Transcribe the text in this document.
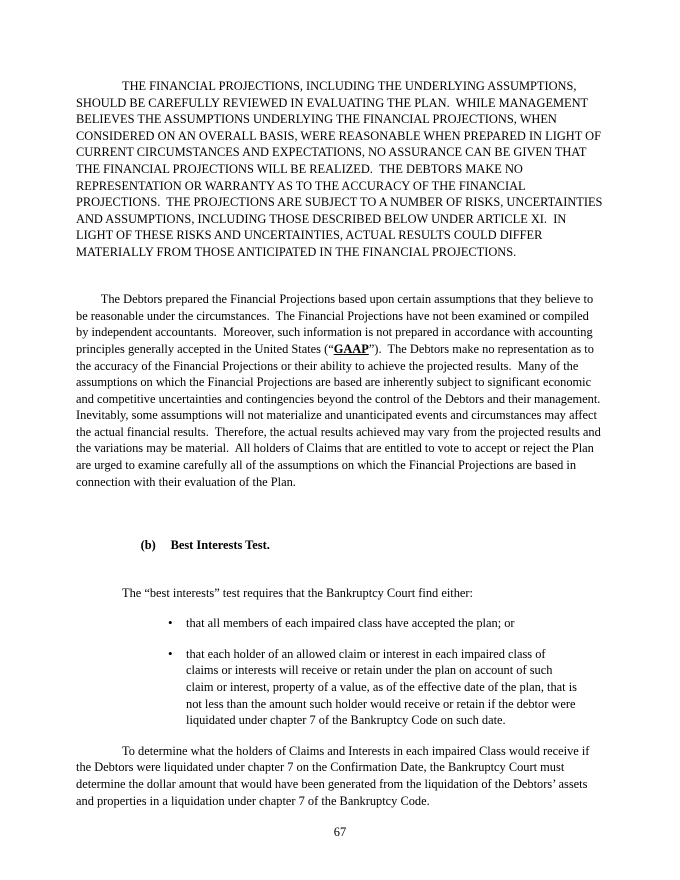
THE FINANCIAL PROJECTIONS, INCLUDING THE UNDERLYING ASSUMPTIONS, SHOULD BE CAREFULLY REVIEWED IN EVALUATING THE PLAN.  WHILE MANAGEMENT BELIEVES THE ASSUMPTIONS UNDERLYING THE FINANCIAL PROJECTIONS, WHEN CONSIDERED ON AN OVERALL BASIS, WERE REASONABLE WHEN PREPARED IN LIGHT OF CURRENT CIRCUMSTANCES AND EXPECTATIONS, NO ASSURANCE CAN BE GIVEN THAT THE FINANCIAL PROJECTIONS WILL BE REALIZED.  THE DEBTORS MAKE NO REPRESENTATION OR WARRANTY AS TO THE ACCURACY OF THE FINANCIAL PROJECTIONS.  THE PROJECTIONS ARE SUBJECT TO A NUMBER OF RISKS, UNCERTAINTIES AND ASSUMPTIONS, INCLUDING THOSE DESCRIBED BELOW UNDER ARTICLE XI.  IN LIGHT OF THESE RISKS AND UNCERTAINTIES, ACTUAL RESULTS COULD DIFFER MATERIALLY FROM THOSE ANTICIPATED IN THE FINANCIAL PROJECTIONS.

The Debtors prepared the Financial Projections based upon certain assumptions that they believe to be reasonable under the circumstances.  The Financial Projections have not been examined or compiled by independent accountants.  Moreover, such information is not prepared in accordance with accounting principles generally accepted in the United States (“GAAP”).  The Debtors make no representation as to the accuracy of the Financial Projections or their ability to achieve the projected results.  Many of the assumptions on which the Financial Projections are based are inherently subject to significant economic and competitive uncertainties and contingencies beyond the control of the Debtors and their management.  Inevitably, some assumptions will not materialize and unanticipated events and circumstances may affect the actual financial results.  Therefore, the actual results achieved may vary from the projected results and the variations may be material.  All holders of Claims that are entitled to vote to accept or reject the Plan are urged to examine carefully all of the assumptions on which the Financial Projections are based in connection with their evaluation of the Plan.

(b) Best Interests Test.

The “best interests” test requires that the Bankruptcy Court find either:
• that all members of each impaired class have accepted the plan; or
• that each holder of an allowed claim or interest in each impaired class of claims or interests will receive or retain under the plan on account of such claim or interest, property of a value, as of the effective date of the plan, that is not less than the amount such holder would receive or retain if the debtor were liquidated under chapter 7 of the Bankruptcy Code on such date.
To determine what the holders of Claims and Interests in each impaired Class would receive if the Debtors were liquidated under chapter 7 on the Confirmation Date, the Bankruptcy Court must determine the dollar amount that would have been generated from the liquidation of the Debtors’ assets and properties in a liquidation under chapter 7 of the Bankruptcy Code.
67
